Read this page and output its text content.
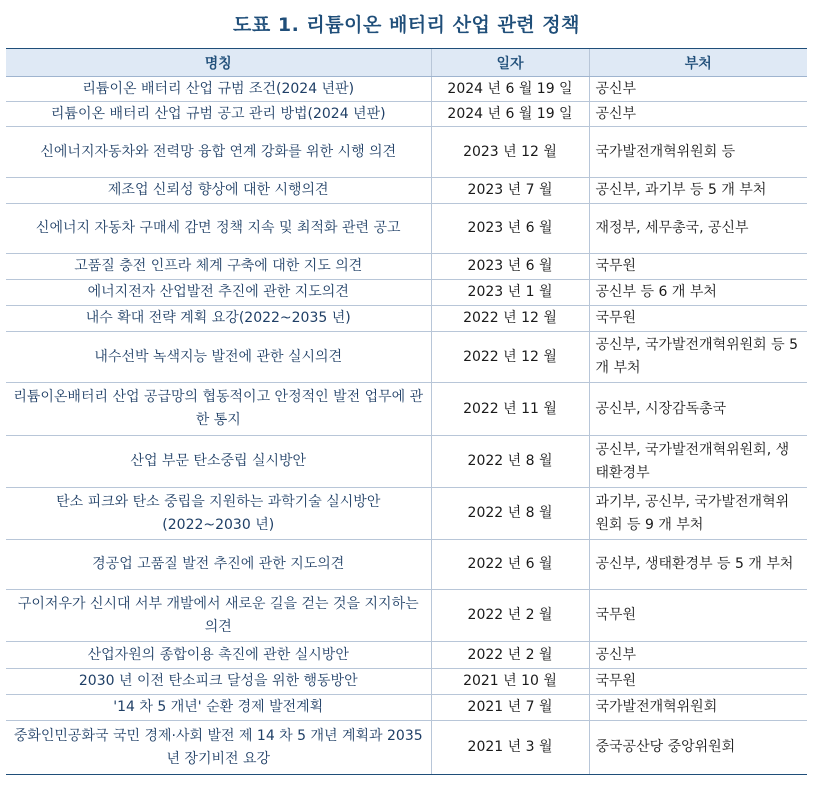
도표 1. 리튬이온 배터리 산업 관련 정책
명칭	일자	부처
리튬이온 배터리 산업 규범 조건(2024 년판)	2024 년 6 월 19 일	공신부
리튬이온 배터리 산업 규범 공고 관리 방법(2024 년판)	2024 년 6 월 19 일	공신부
신에너지자동차와 전력망 융합 연계 강화를 위한 시행 의견	2023 년 12 월	국가발전개혁위원회 등
제조업 신뢰성 향상에 대한 시행의견	2023 년 7 월	공신부, 과기부 등 5 개 부처
신에너지 자동차 구매세 감면 정책 지속 및 최적화 관련 공고	2023 년 6 월	재정부, 세무총국, 공신부
고품질 충전 인프라 체계 구축에 대한 지도 의견	2023 년 6 월	국무원
에너지전자 산업발전 추진에 관한 지도의견	2023 년 1 월	공신부 등 6 개 부처
내수 확대 전략 계획 요강(2022~2035 년)	2022 년 12 월	국무원
내수선박 녹색지능 발전에 관한 실시의견	2022 년 12 월	공신부, 국가발전개혁위원회 등 5 개 부처
리튬이온배터리 산업 공급망의 협동적이고 안정적인 발전 업무에 관한 통지	2022 년 11 월	공신부, 시장감독총국
산업 부문 탄소중립 실시방안	2022 년 8 월	공신부, 국가발전개혁위원회, 생태환경부
탄소 피크와 탄소 중립을 지원하는 과학기술 실시방안(2022~2030 년)	2022 년 8 월	과기부, 공신부, 국가발전개혁위원회 등 9 개 부처
경공업 고품질 발전 추진에 관한 지도의견	2022 년 6 월	공신부, 생태환경부 등 5 개 부처
구이저우가 신시대 서부 개발에서 새로운 길을 걷는 것을 지지하는 의견	2022 년 2 월	국무원
산업자원의 종합이용 촉진에 관한 실시방안	2022 년 2 월	공신부
2030 년 이전 탄소피크 달성을 위한 행동방안	2021 년 10 월	국무원
'14 차 5 개년' 순환 경제 발전계획	2021 년 7 월	국가발전개혁위원회
중화인민공화국 국민 경제·사회 발전 제 14 차 5 개년 계획과 2035 년 장기비전 요강	2021 년 3 월	중국공산당 중앙위원회
